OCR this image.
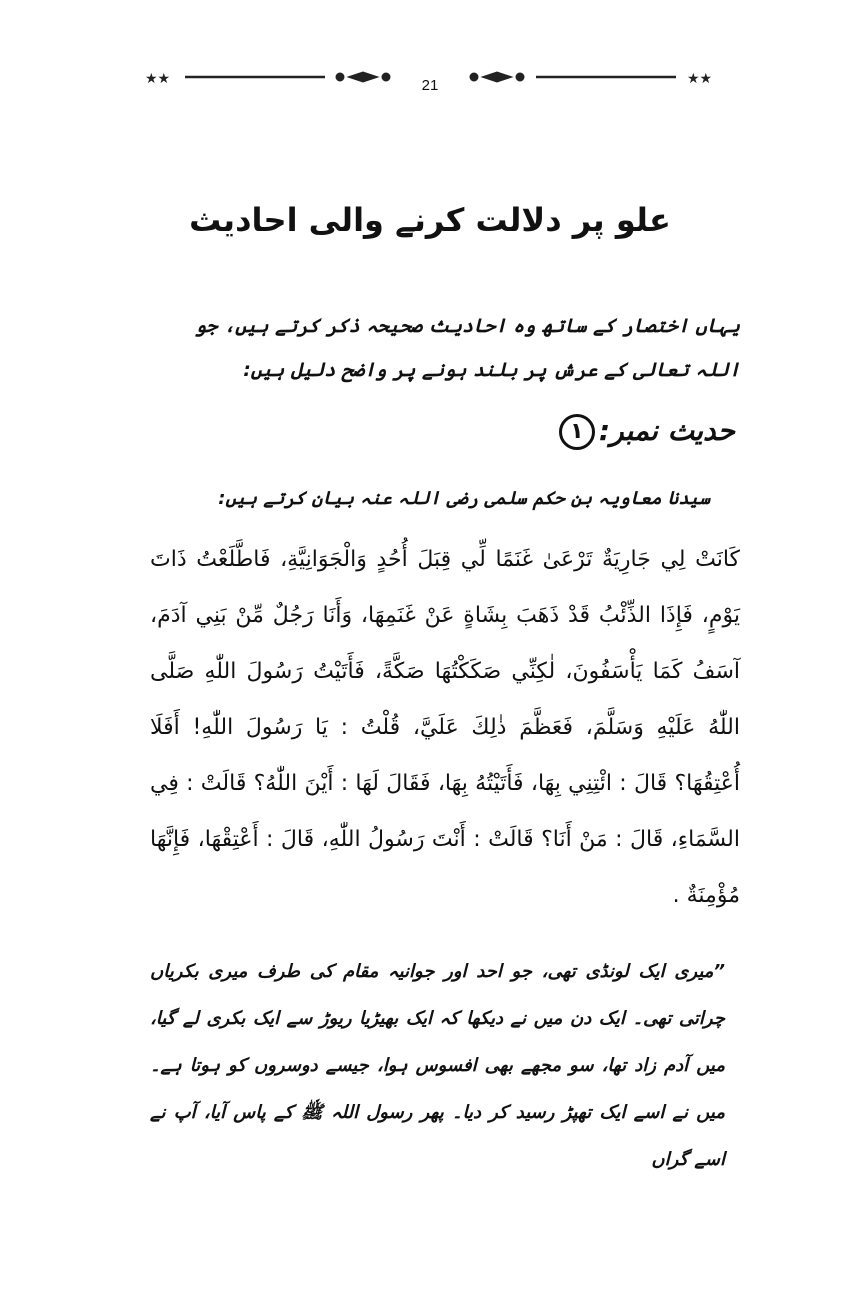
★★	★★
21
علو پر دلالت کرنے والی احادیث

یہاں اختصار کے ساتھ وہ احادیث صحیحہ ذکر کرتے ہیں، جو اللہ تعالی کے عرش پر بلند ہونے پر واضح دلیل ہیں:

حدیث نمبر:١

سیدنا معاویہ بن حکم سلمی رضی اللہ عنہ بیان کرتے ہیں:

كَانَتْ لِي جَارِيَةٌ تَرْعَىٰ غَنَمًا لِّي قِبَلَ أُحُدٍ وَالْجَوَانِيَّةِ، فَاطَّلَعْتُ ذَاتَ يَوْمٍ، فَإِذَا الذِّئْبُ قَدْ ذَهَبَ بِشَاةٍ عَنْ غَنَمِهَا، وَأَنَا رَجُلٌ مِّنْ بَنِي آدَمَ، آسَفُ كَمَا يَأْسَفُونَ، لٰكِنِّي صَكَكْتُهَا صَكَّةً، فَأَتَيْتُ رَسُولَ اللّٰهِ صَلَّى اللّٰهُ عَلَيْهِ وَسَلَّمَ، فَعَظَّمَ ذٰلِكَ عَلَيَّ، قُلْتُ : يَا رَسُولَ اللّٰهِ! أَفَلَا أُعْتِقُهَا؟ قَالَ : ائْتِنِي بِهَا، فَأَتَيْتُهُ بِهَا، فَقَالَ لَهَا : أَيْنَ اللّٰهُ؟ قَالَتْ : فِي السَّمَاءِ، قَالَ : مَنْ أَنَا؟ قَالَتْ : أَنْتَ رَسُولُ اللّٰهِ، قَالَ : أَعْتِقْهَا، فَإِنَّهَا مُؤْمِنَةٌ .

”میری ایک لونڈی تھی، جو احد اور جوانیہ مقام کی طرف میری بکریاں چراتی تھی۔ ایک دن میں نے دیکھا کہ ایک بھیڑیا ریوڑ سے ایک بکری لے گیا، میں آدم زاد تھا، سو مجھے بھی افسوس ہوا، جیسے دوسروں کو ہوتا ہے۔ میں نے اسے ایک تھپڑ رسید کر دیا۔ پھر رسول اللہ ﷺ کے پاس آیا، آپ نے اسے گراں
